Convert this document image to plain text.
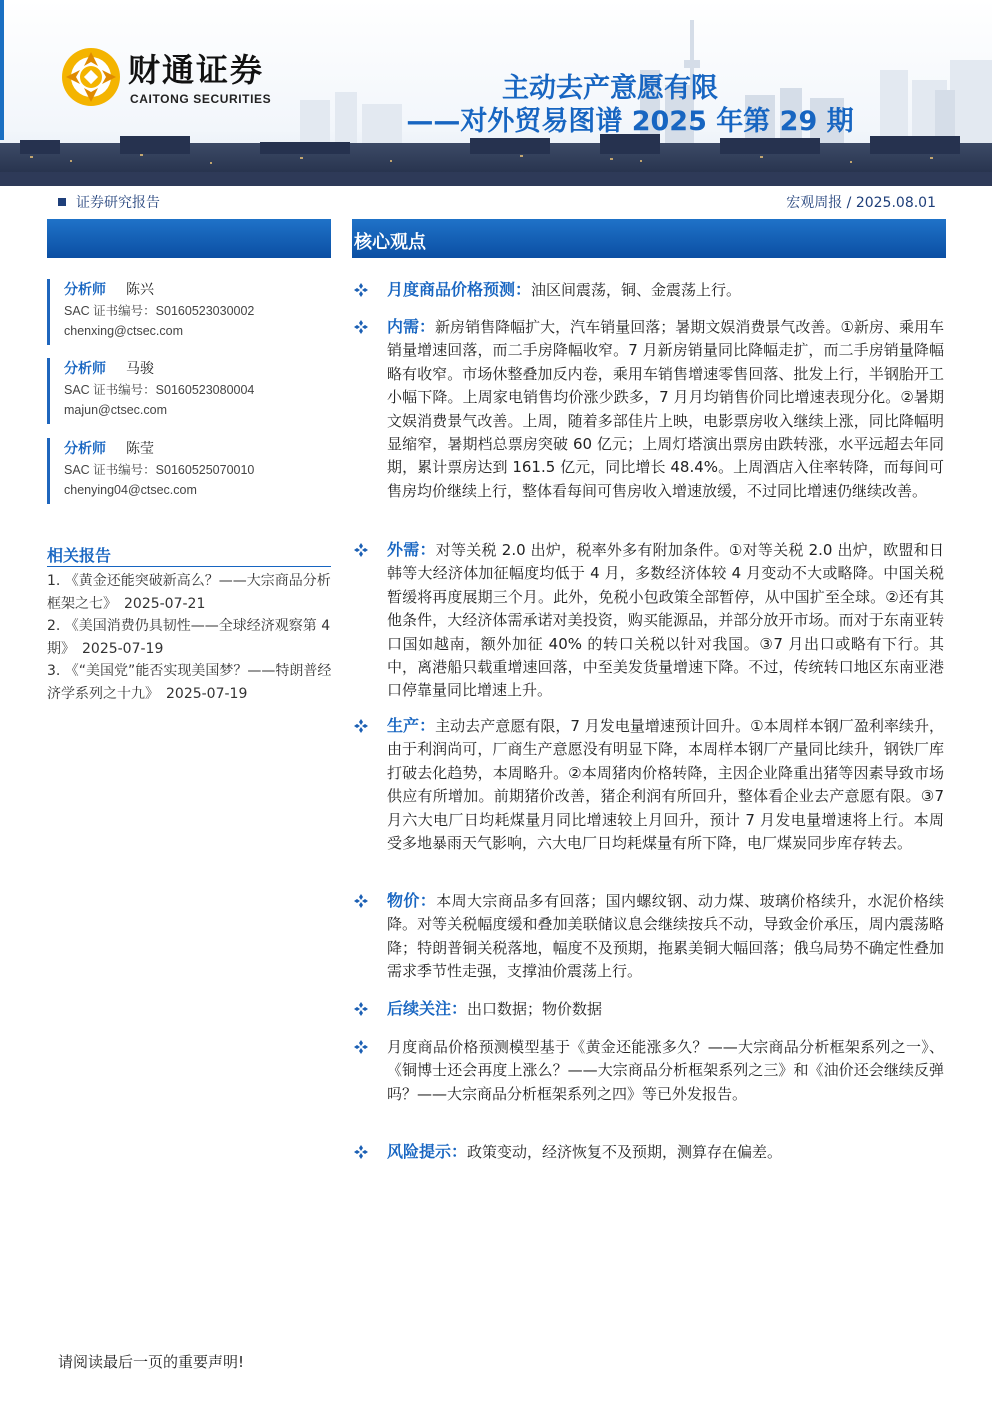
财通证券
CAITONG SECURITIES	主动去产意愿有限
——对外贸易图谱 2025 年第 29 期
证券研究报告	宏观周报 / 2025.08.01
分析师 陈兴
SAC 证书编号：S0160523030002
chenxing@ctsec.com
分析师 马骏
SAC 证书编号：S0160523080004
majun@ctsec.com
分析师 陈莹
SAC 证书编号：S0160525070010
chenying04@ctsec.com
相关报告
1. 《黄金还能突破新高么？——大宗商品分析框架之七》　2025-07-21
2. 《美国消费仍具韧性——全球经济观察第 4 期》　2025-07-19
3. 《“美国党”能否实现美国梦？——特朗普经济学系列之十九》　2025-07-19
核心观点
月度商品价格预测：油区间震荡，铜、金震荡上行。
内需：新房销售降幅扩大，汽车销量回落；暑期文娱消费景气改善。①新房、乘用车销量增速回落，而二手房降幅收窄。7 月新房销量同比降幅走扩，而二手房销量降幅略有收窄。市场休整叠加反内卷，乘用车销售增速零售回落、批发上行，半钢胎开工小幅下降。上周家电销售均价涨少跌多，7 月月均销售价同比增速表现分化。②暑期文娱消费景气改善。上周，随着多部佳片上映，电影票房收入继续上涨，同比降幅明显缩窄，暑期档总票房突破 60 亿元；上周灯塔演出票房由跌转涨，水平远超去年同期，累计票房达到 161.5 亿元，同比增长 48.4%。上周酒店入住率转降，而每间可售房均价继续上行，整体看每间可售房收入增速放缓，不过同比增速仍继续改善。
外需：对等关税 2.0 出炉，税率外多有附加条件。①对等关税 2.0 出炉，欧盟和日韩等大经济体加征幅度均低于 4 月，多数经济体较 4 月变动不大或略降。中国关税暂缓将再度展期三个月。此外，免税小包政策全部暂停，从中国扩至全球。②还有其他条件，大经济体需承诺对美投资，购买能源品，并部分放开市场。而对于东南亚转口国如越南，额外加征 40% 的转口关税以针对我国。③7 月出口或略有下行。其中，离港船只载重增速回落，中至美发货量增速下降。不过，传统转口地区东南亚港口停靠量同比增速上升。
生产：主动去产意愿有限，7 月发电量增速预计回升。①本周样本钢厂盈利率续升，由于利润尚可，厂商生产意愿没有明显下降，本周样本钢厂产量同比续升，钢铁厂库打破去化趋势，本周略升。②本周猪肉价格转降，主因企业降重出猪等因素导致市场供应有所增加。前期猪价改善，猪企利润有所回升，整体看企业去产意愿有限。③7 月六大电厂日均耗煤量月同比增速较上月回升，预计 7 月发电量增速将上行。本周受多地暴雨天气影响，六大电厂日均耗煤量有所下降，电厂煤炭同步库存转去。
物价：本周大宗商品多有回落；国内螺纹钢、动力煤、玻璃价格续升，水泥价格续降。对等关税幅度缓和叠加美联储议息会继续按兵不动，导致金价承压，周内震荡略降；特朗普铜关税落地，幅度不及预期，拖累美铜大幅回落；俄乌局势不确定性叠加需求季节性走强，支撑油价震荡上行。
后续关注：出口数据；物价数据
月度商品价格预测模型基于《黄金还能涨多久？——大宗商品分析框架系列之一》、《铜博士还会再度上涨么？——大宗商品分析框架系列之三》和《油价还会继续反弹吗？——大宗商品分析框架系列之四》等已外发报告。
风险提示：政策变动，经济恢复不及预期，测算存在偏差。
请阅读最后一页的重要声明!
